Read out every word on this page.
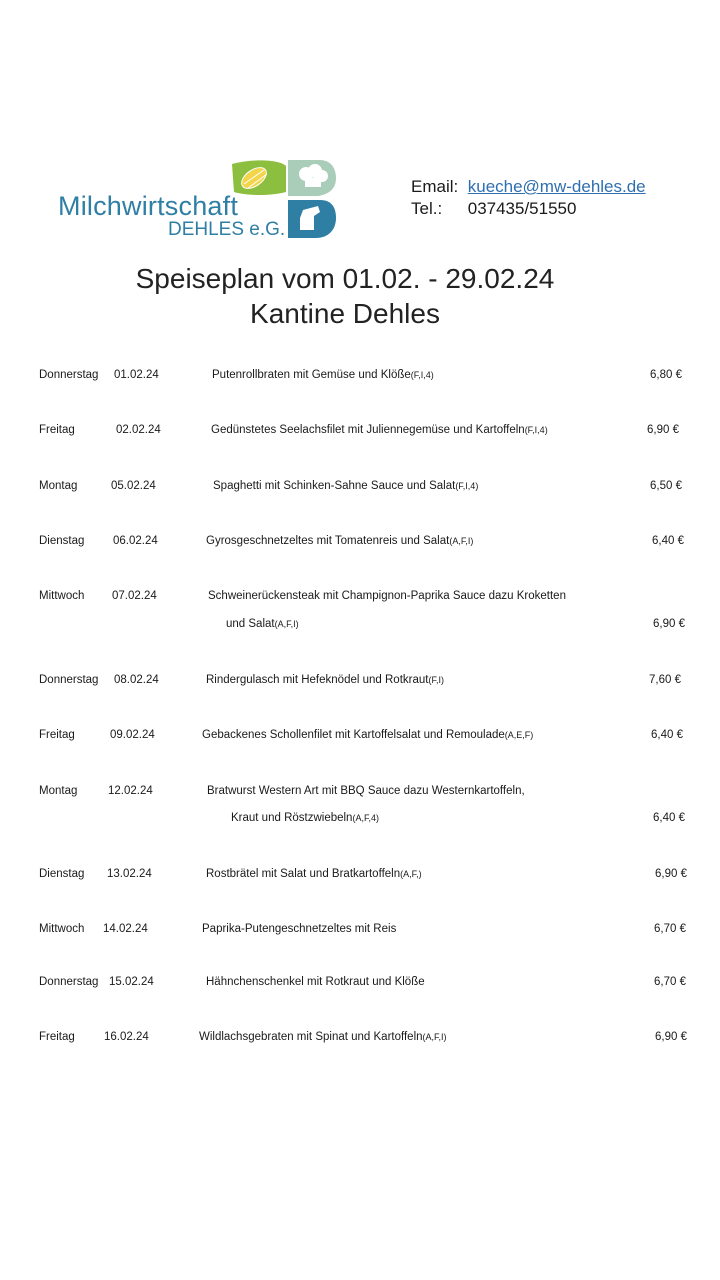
Milchwirtschaft
DEHLES e.G.
Email: kueche@mw-dehles.de
Tel.: 037435/51550
Speiseplan vom 01.02. - 29.02.24
Kantine Dehles
Donnerstag 01.02.24	Putenrollbraten mit Gemüse und Klöße(F,I,4)	6,80 €
Freitag	02.02.24	Gedünstetes Seelachsfilet mit Juliennegemüse und Kartoffeln(F,I,4)	6,90 €
Montag	05.02.24	Spaghetti mit Schinken-Sahne Sauce und Salat(F,I,4)	6,50 €
Dienstag 06.02.24	Gyrosgeschnetzeltes mit Tomatenreis und Salat(A,F,I)	6,40 €
Mittwoch 07.02.24	Schweinerückensteak mit Champignon-Paprika Sauce dazu Kroketten
und Salat(A,F,I)	6,90 €
Donnerstag 08.02.24	Rindergulasch mit Hefeknödel und Rotkraut(F,I)	7,60 €
Freitag	09.02.24	Gebackenes Schollenfilet mit Kartoffelsalat und Remoulade(A,E,F)	6,40 €
Montag	12.02.24	Bratwurst Western Art mit BBQ Sauce dazu Westernkartoffeln,
Kraut und Röstzwiebeln(A,F,4)	6,40 €
Dienstag 13.02.24	Rostbrätel mit Salat und Bratkartoffeln(A,F,)	6,90 €
Mittwoch 14.02.24	Paprika-Putengeschnetzeltes mit Reis	6,70 €
Donnerstag 15.02.24	Hähnchenschenkel mit Rotkraut und Klöße	6,70 €
Freitag	16.02.24	Wildlachsgebraten mit Spinat und Kartoffeln(A,F,I)	6,90 €
